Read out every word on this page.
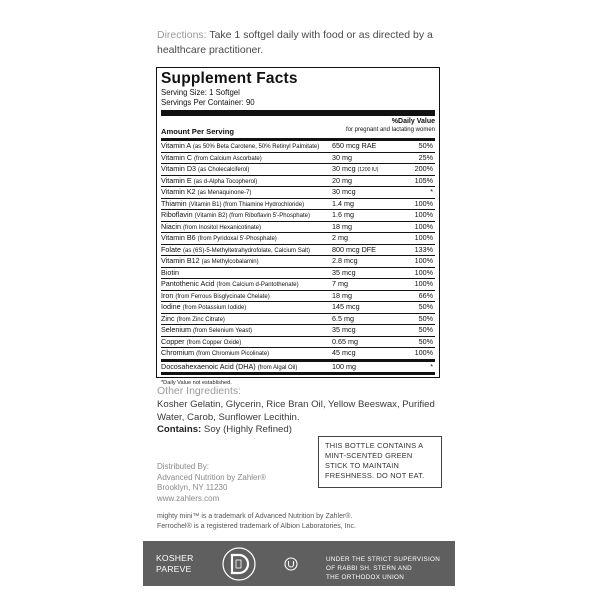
Directions: Take 1 softgel daily with food or as directed by a healthcare practitioner.
Supplement Facts
Serving Size: 1 Softgel
Servings Per Container: 90
%Daily Value
for pregnant and lactating women
Amount Per Serving
Vitamin A (as 50% Beta Carotene, 50% Retinyl Palmitate) 650 mcg RAE	50%
Vitamin C (from Calcium Ascorbate)	30 mg	25%
Vitamin D3 (as Cholecalciferol)	30 mcg (1200 IU)	200%
Vitamin E (as d-Alpha Tocopherol)	20 mg	105%
Vitamin K2 (as Menaquinone-7)	30 mcg	*
Thiamin (Vitamin B1) (from Thiamine Hydrochloride)	1.4 mg	100%
Riboflavin (Vitamin B2) (from Riboflavin 5'-Phosphate)	1.6 mg	100%
Niacin (from Inositol Hexanicotinate)	18 mg	100%
Vitamin B6 (from Pyridoxal 5'-Phosphate)	2 mg	100%
Folate (as (6S)-5-Methyltetrahydrofolate, Calcium Salt)	800 mcg DFE	133%
Vitamin B12 (as Methylcobalamin)	2.8 mcg	100%
Biotin	35 mcg	100%
Pantothenic Acid (from Calcium d-Pantothenate)	7 mg	100%
Iron (from Ferrous Bisglycinate Chelate)	18 mg	66%
Iodine (from Potassium Iodide)	145 mcg	50%
Zinc (from Zinc Citrate)	6.5 mg	50%
Selenium (from Selenium Yeast)	35 mcg	50%
Copper (from Copper Oxide)	0.65 mg	50%
Chromium (from Chromium Picolinate)	45 mcg	100%
Docosahexaenoic Acid (DHA) (from Algal Oil)	100 mg	*
*Daily Value not established.
Other Ingredients:
Kosher Gelatin, Glycerin, Rice Bran Oil, Yellow Beeswax, Purified Water, Carob, Sunflower Lecithin.
Contains: Soy (Highly Refined)
THIS BOTTLE CONTAINS A MINT-SCENTED GREEN STICK TO MAINTAIN FRESHNESS. DO NOT EAT.
Distributed By:
Advanced Nutrition by Zahler®
Brooklyn, NY 11230
www.zahlers.com
mighty mini™ is a trademark of Advanced Nutrition by Zahler®.
Ferrochel® is a registered trademark of Albion Laboratories, Inc.
KOSHER
PAREVE
UNDER THE STRICT SUPERVISION
OF RABBI SH. STERN AND
THE ORTHODOX UNION
